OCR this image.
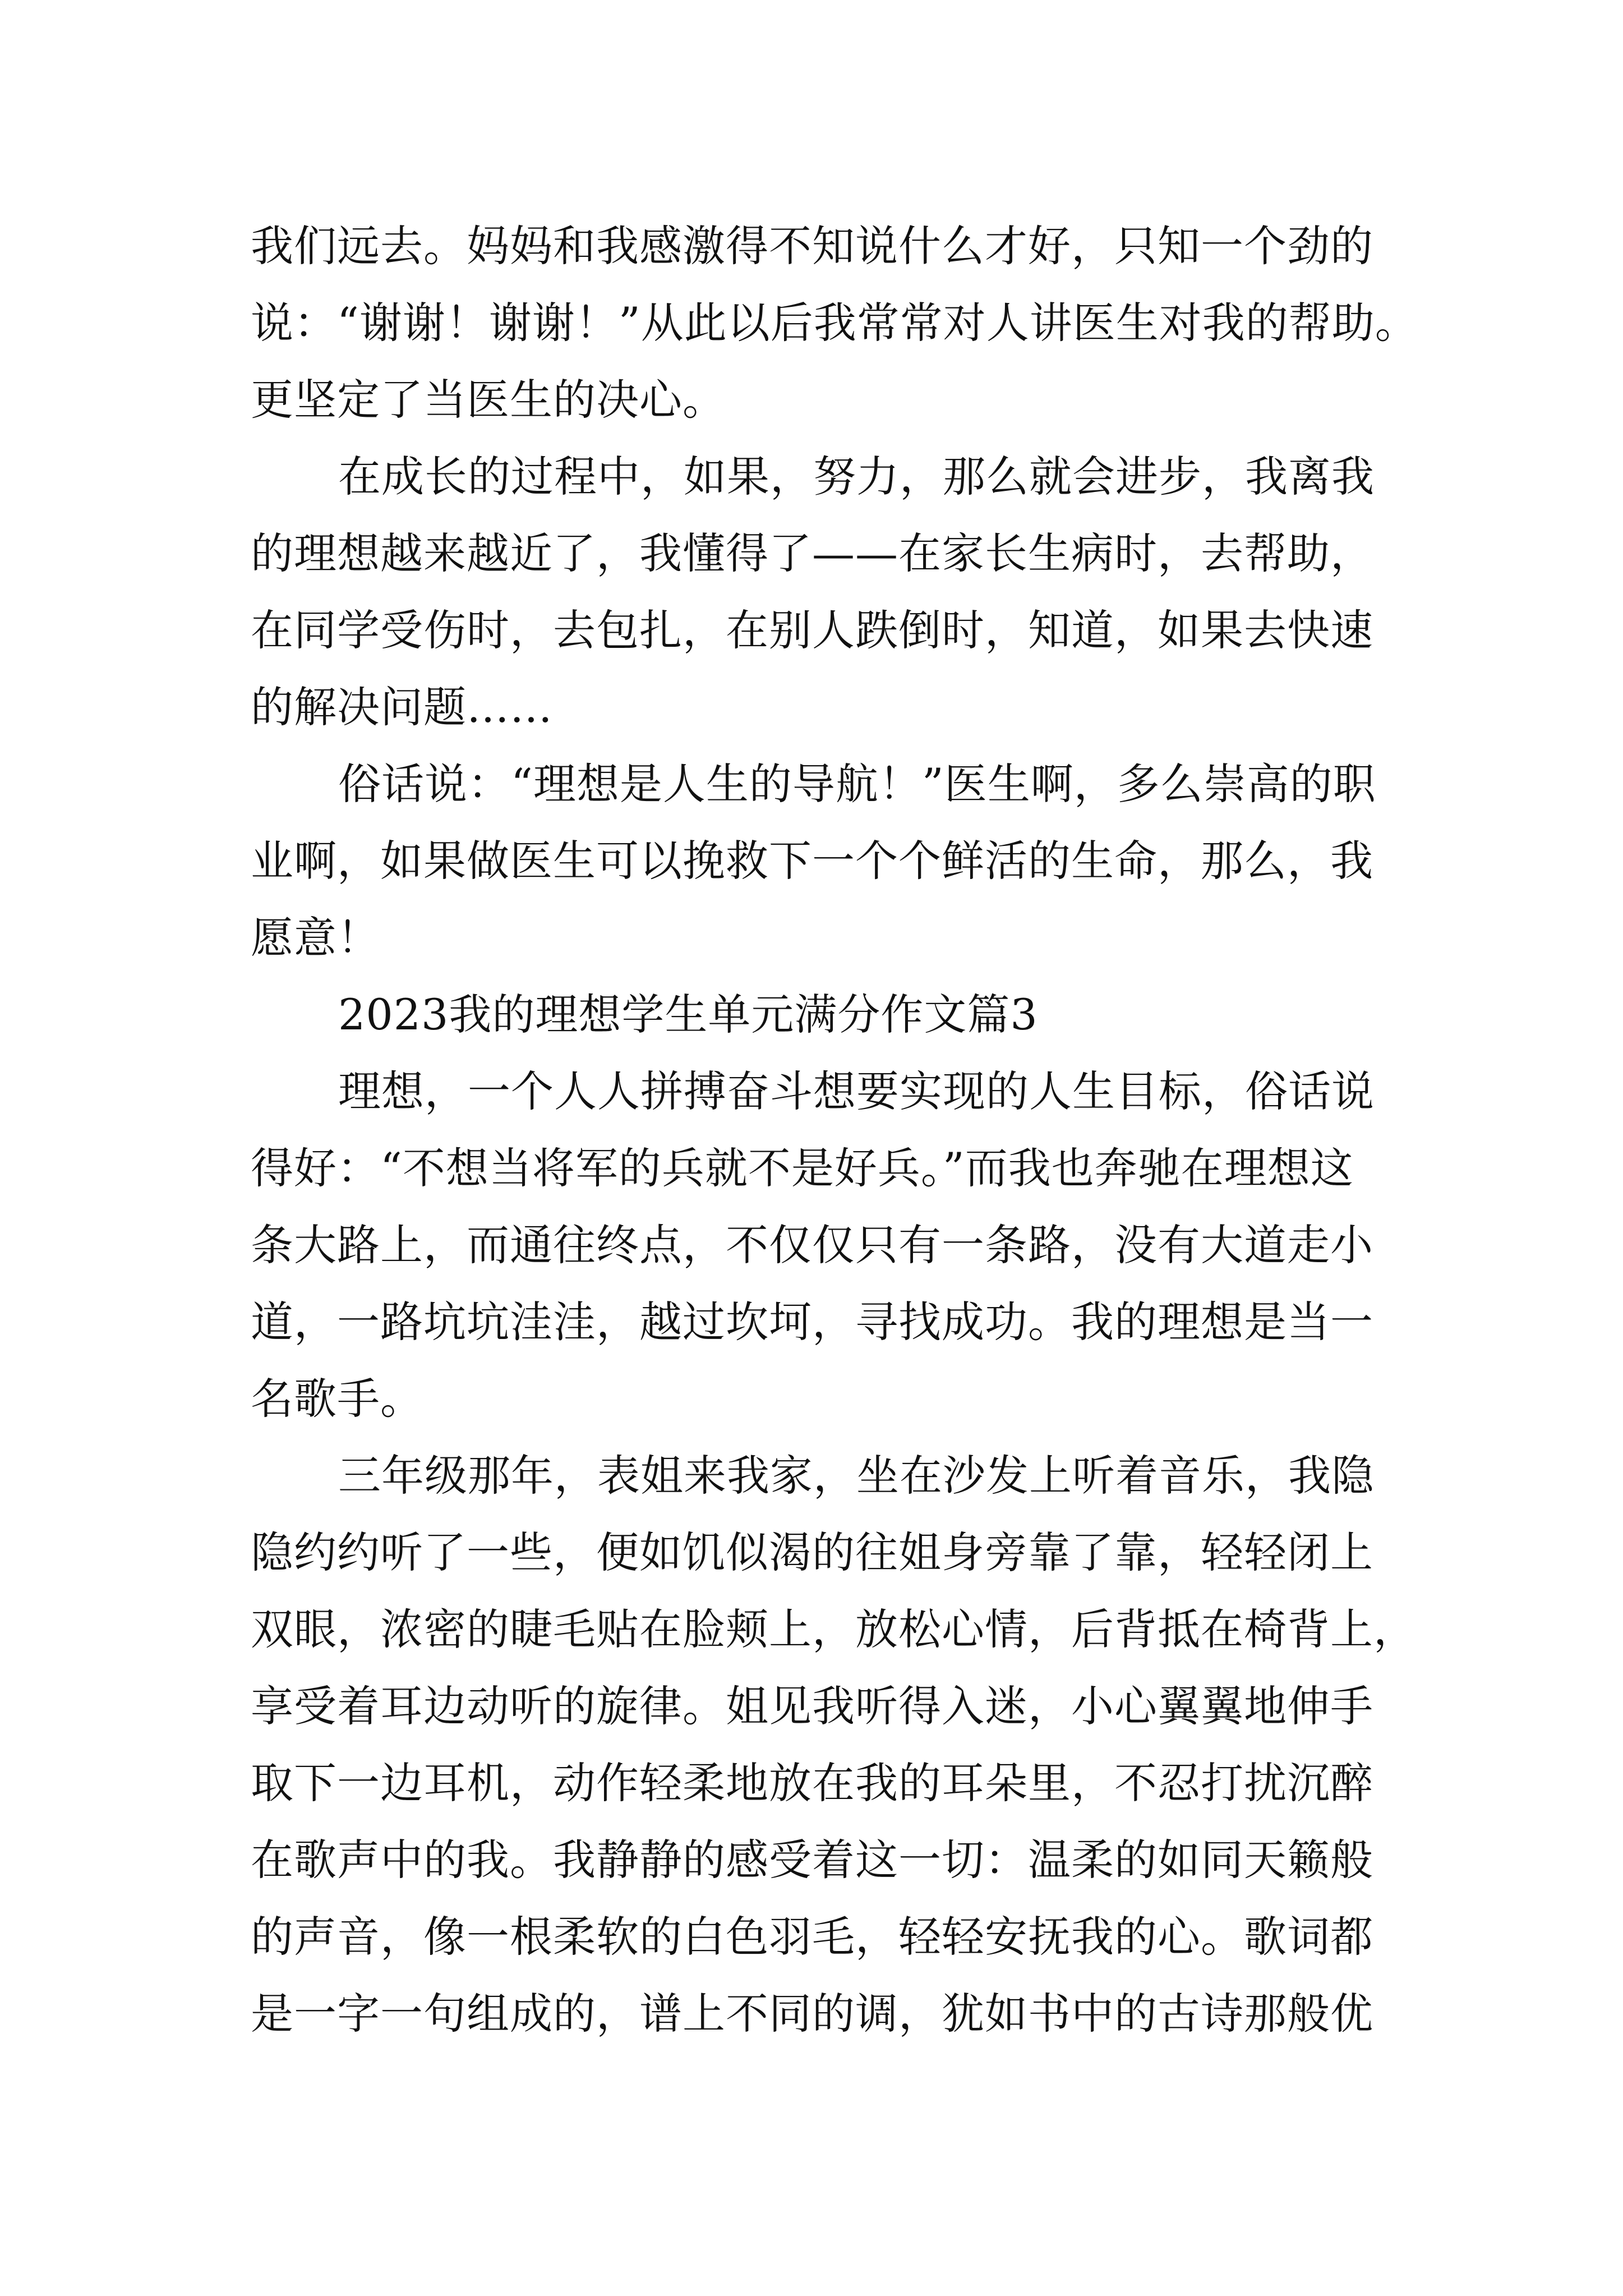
我们远去。妈妈和我感激得不知说什么才好，只知一个劲的
说：“谢谢！谢谢！”从此以后我常常对人讲医生对我的帮助。
更坚定了当医生的决心。
在成长的过程中，如果，努力，那么就会进步，我离我
的理想越来越近了，我懂得了——在家长生病时，去帮助，
在同学受伤时，去包扎，在别人跌倒时，知道，如果去快速
的解决问题……
俗话说：“理想是人生的导航！”医生啊，多么崇高的职
业啊，如果做医生可以挽救下一个个鲜活的生命，那么，我
愿意！
2023我的理想学生单元满分作文篇3
理想，一个人人拼搏奋斗想要实现的人生目标，俗话说
得好：“不想当将军的兵就不是好兵。”而我也奔驰在理想这
条大路上，而通往终点，不仅仅只有一条路，没有大道走小
道，一路坑坑洼洼，越过坎坷，寻找成功。我的理想是当一
名歌手。
三年级那年，表姐来我家，坐在沙发上听着音乐，我隐
隐约约听了一些，便如饥似渴的往姐身旁靠了靠，轻轻闭上
双眼，浓密的睫毛贴在脸颊上，放松心情，后背抵在椅背上，
享受着耳边动听的旋律。姐见我听得入迷，小心翼翼地伸手
取下一边耳机，动作轻柔地放在我的耳朵里，不忍打扰沉醉
在歌声中的我。我静静的感受着这一切：温柔的如同天籁般
的声音，像一根柔软的白色羽毛，轻轻安抚我的心。歌词都
是一字一句组成的，谱上不同的调，犹如书中的古诗那般优
